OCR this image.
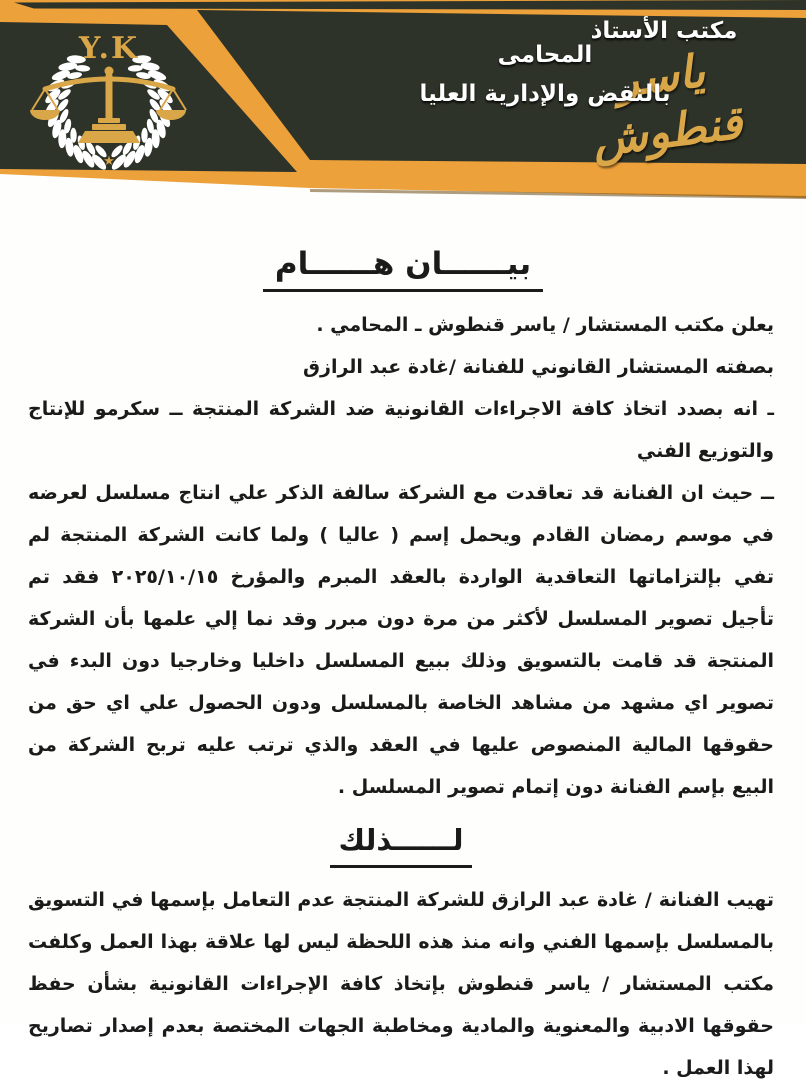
Y.K
★
مكتب الأستاذ
ياسر قنطوش
المحامى
بالنقض والإدارية العليا
بيــــــان هــــــام

يعلن مكتب المستشار / ياسر قنطوش ـ المحامي .

بصفته المستشار القانوني للفنانة /غادة عبد الرازق

ـ انه بصدد اتخاذ كافة الاجراءات القانونية ضد الشركة المنتجة ــ سكرمو للإنتاج والتوزيع الفني

ــ حيث ان الفنانة قد تعاقدت مع الشركة سالفة الذكر علي انتاج مسلسل لعرضه في موسم رمضان القادم ويحمل إسم ( عاليا ) ولما كانت الشركة المنتجة لم تفي بإلتزاماتها التعاقدية الواردة بالعقد المبرم والمؤرخ ٢٠٢٥/١٠/١٥ فقد تم تأجيل تصوير المسلسل لأكثر من مرة دون مبرر وقد نما إلي علمها بأن الشركة المنتجة قد قامت بالتسويق وذلك ببيع المسلسل داخليا وخارجيا دون البدء في تصوير اي مشهد من مشاهد الخاصة بالمسلسل ودون الحصول علي اي حق من حقوقها المالية المنصوص عليها في العقد والذي ترتب عليه تربح الشركة من البيع بإسم الفنانة دون إتمام تصوير المسلسل .

لــــــذلك

تهيب الفنانة / غادة عبد الرازق للشركة المنتجة عدم التعامل بإسمها في التسويق بالمسلسل بإسمها الفني وانه منذ هذه اللحظة ليس لها علاقة بهذا العمل وكلفت مكتب المستشار / ياسر قنطوش بإتخاذ كافة الإجراءات القانونية بشأن حفظ حقوقها الادبية والمعنوية والمادية ومخاطبة الجهات المختصة بعدم إصدار تصاريح لهذا العمل .
